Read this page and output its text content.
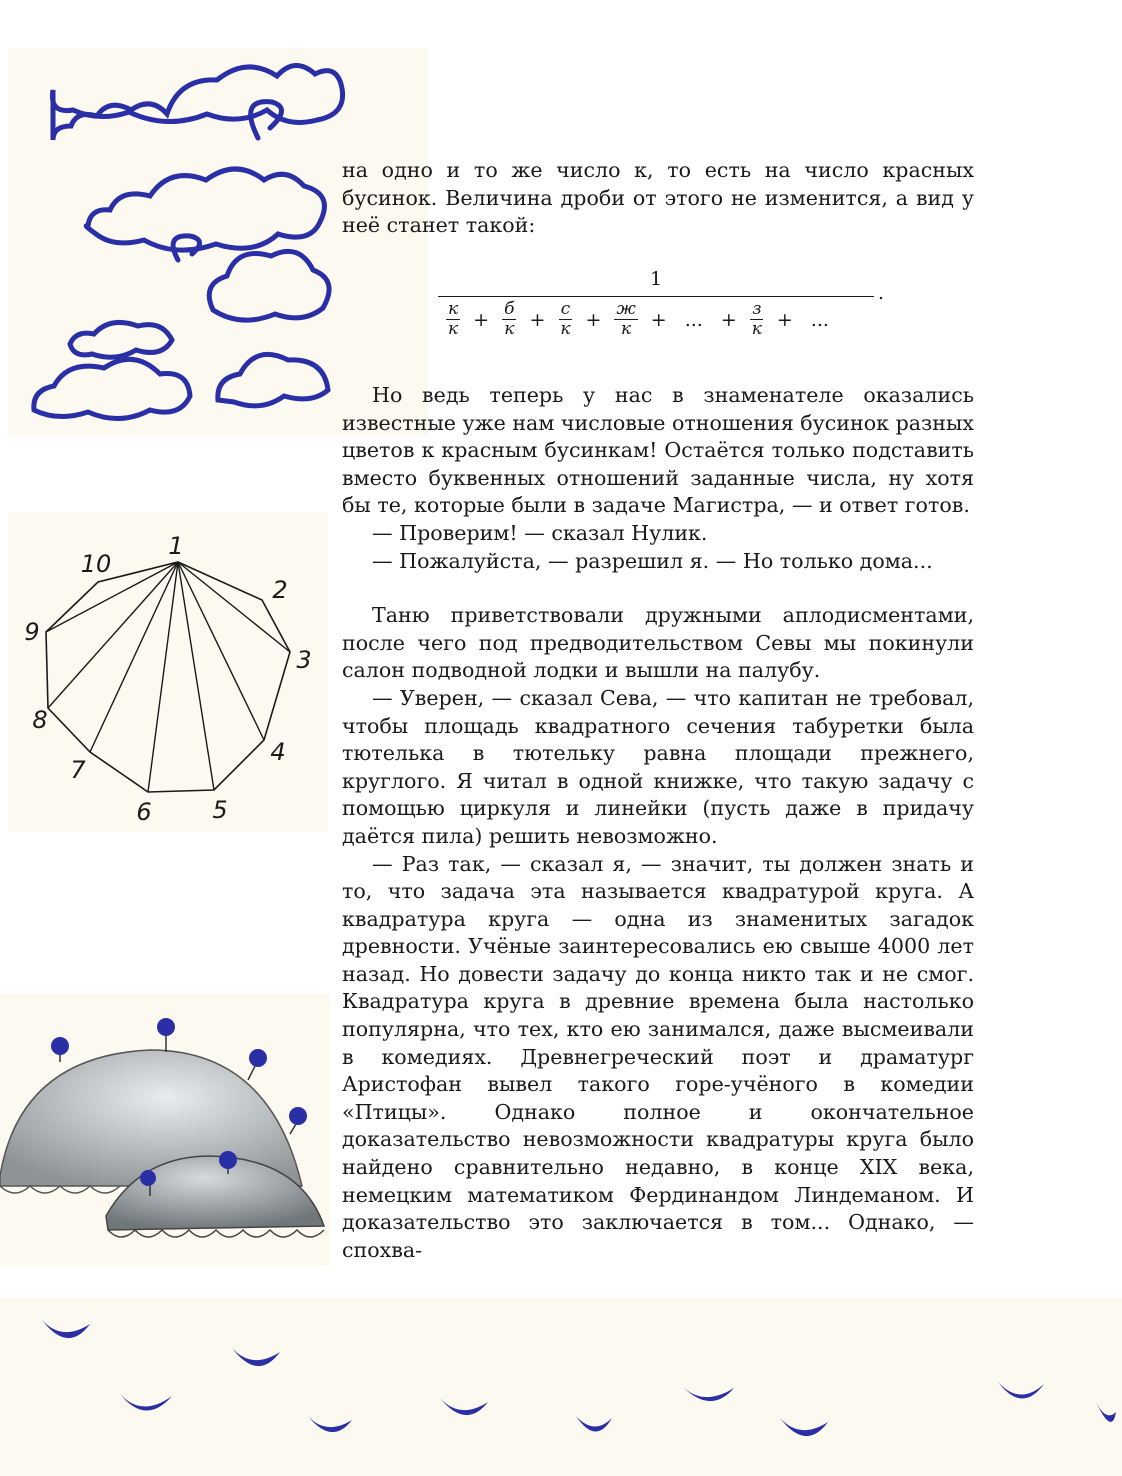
1
2
3
4
5
6
7
8
9
10

на одно и то же число к, то есть на число красных бусинок. Величина дроби от этого не изменится, а вид у неё станет такой:

1
.
$\frac{к}{к} + \frac{б}{к} + \frac{с}{к} + \frac{ж}{к}$ + ... + $\frac{з}{к}$ + ...

Но ведь теперь у нас в знаменателе оказались известные уже нам числовые отношения бусинок разных цветов к красным бусинкам! Остаётся только подставить вместо буквенных отношений заданные числа, ну хотя бы те, которые были в задаче Магистра, — и ответ готов.

— Проверим! — сказал Нулик.

— Пожалуйста, — разрешил я. — Но только дома...

Таню приветствовали дружными аплодисментами, после чего под предводительством Севы мы покинули салон подводной лодки и вышли на палубу.

— Уверен, — сказал Сева, — что капитан не требовал, чтобы площадь квадратного сечения табуретки была тютелька в тютельку равна площади прежнего, круглого. Я читал в одной книжке, что такую задачу с помощью циркуля и линейки (пусть даже в придачу даётся пила) решить невозможно.

— Раз так, — сказал я, — значит, ты должен знать и то, что задача эта называется квадратурой круга. А квадратура круга — одна из знаменитых загадок древности. Учёные заинтересовались ею свыше 4000 лет назад. Но довести задачу до конца никто так и не смог. Квадратура круга в древние времена была настолько популярна, что тех, кто ею занимался, даже высмеивали в комедиях. Древнегреческий поэт и драматург Аристофан вывел такого горе-учёного в комедии «Птицы». Однако полное и окончательное доказательство невозможности квадратуры круга было найдено сравнительно недавно, в конце XIX века, немецким математиком Фердинандом Линдеманом. И доказательство это заключается в том... Однако, — спохва-
